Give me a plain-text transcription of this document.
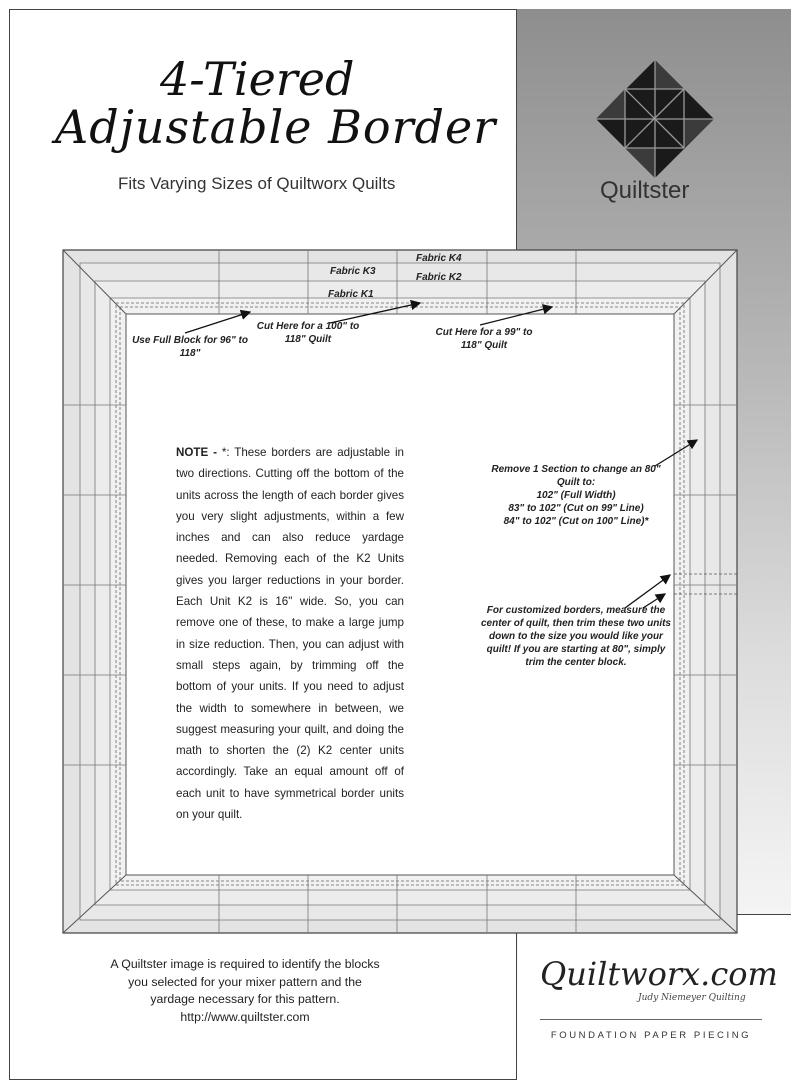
4-Tiered
Adjustable Border
Fits Varying Sizes of Quiltworx Quilts	Quiltster
Fabric K4
Fabric K3
Fabric K2
Fabric K1
Use Full Block for 96" to 118"
Cut Here for a 100" to 118" Quilt
Cut Here for a 99" to 118" Quilt
Remove 1 Section to change an 80"
Quilt to:
102" (Full Width)
83" to 102" (Cut on 99" Line)
84" to 102" (Cut on 100" Line)*
For customized borders, measure the center of quilt, then trim these two units down to the size you would like your quilt! If you are starting at 80", simply trim the center block.
NOTE - *: These borders are adjustable in two directions. Cutting off the bottom of the units across the length of each border gives you very slight adjustments, within a few inches and can also reduce yardage needed. Removing each of the K2 Units gives you larger reductions in your border. Each Unit K2 is 16" wide. So, you can remove one of these, to make a large jump in size reduction. Then, you can adjust with small steps again, by trimming off the bottom of your units. If you need to adjust the width to somewhere in between, we suggest measuring your quilt, and doing the math to shorten the (2) K2 center units accordingly. Take an equal amount off of each unit to have symmetrical border units on your quilt.
A Quiltster image is required to identify the blocks you selected for your mixer pattern and the yardage necessary for this pattern. http://www.quiltster.com
Quiltworx.com
Judy Niemeyer Quilting
FOUNDATION PAPER PIECING
